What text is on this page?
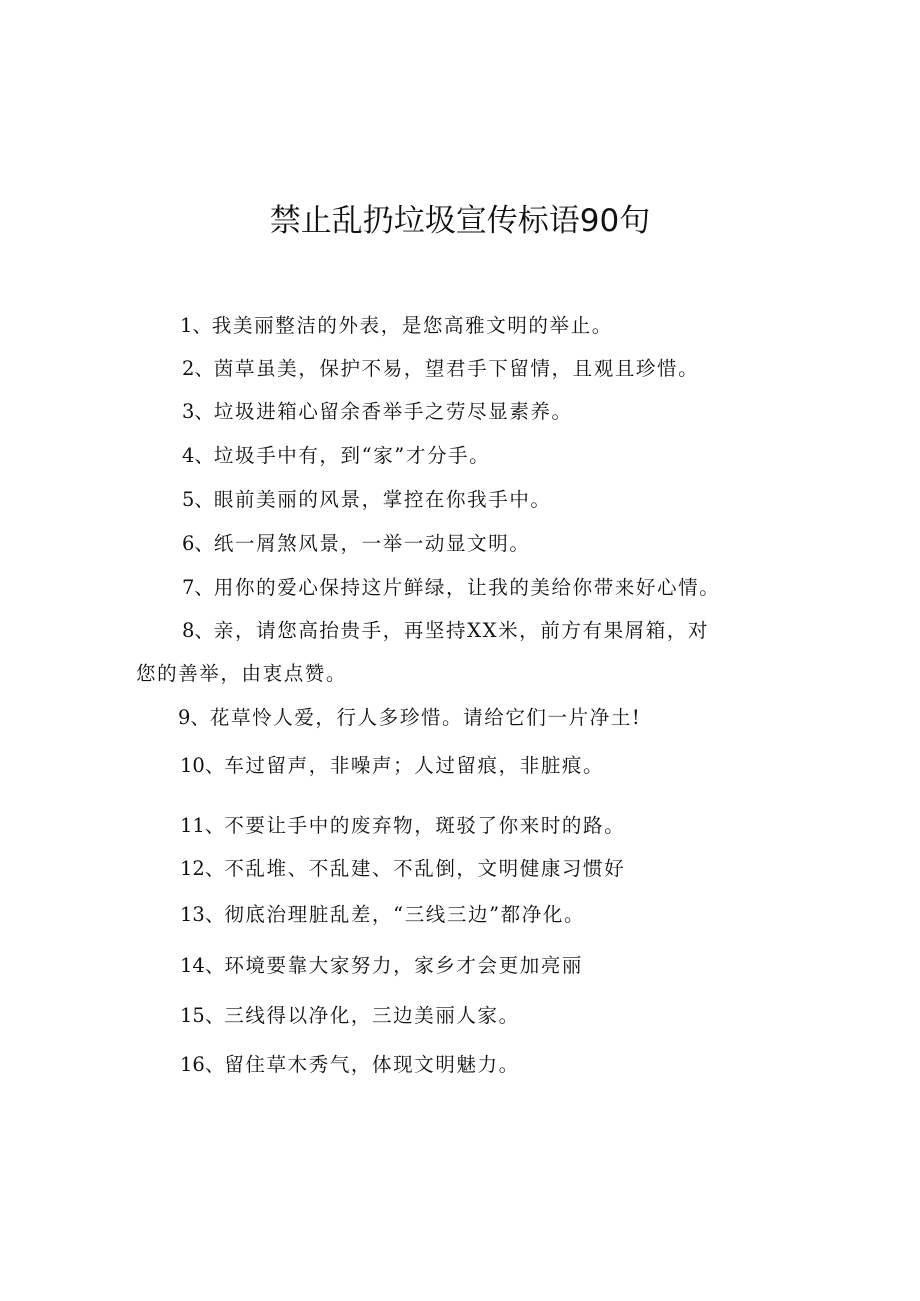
禁止乱扔垃圾宣传标语90句
1、我美丽整洁的外表，是您高雅文明的举止。
2、茵草虽美，保护不易，望君手下留情，且观且珍惜。
3、垃圾进箱心留余香举手之劳尽显素养。
4、垃圾手中有，到“家”才分手。
5、眼前美丽的风景，掌控在你我手中。
6、纸一屑煞风景，一举一动显文明。
7、用你的爱心保持这片鲜绿，让我的美给你带来好心情。
8、亲，请您高抬贵手，再坚持XX米，前方有果屑箱，对
您的善举，由衷点赞。
9、花草怜人爱，行人多珍惜。请给它们一片净土!
10、车过留声，非噪声；人过留痕，非脏痕。
11、不要让手中的废弃物，斑驳了你来时的路。
12、不乱堆、不乱建、不乱倒，文明健康习惯好
13、彻底治理脏乱差，“三线三边”都净化。
14、环境要靠大家努力，家乡才会更加亮丽
15、三线得以净化，三边美丽人家。
16、留住草木秀气，体现文明魅力。
